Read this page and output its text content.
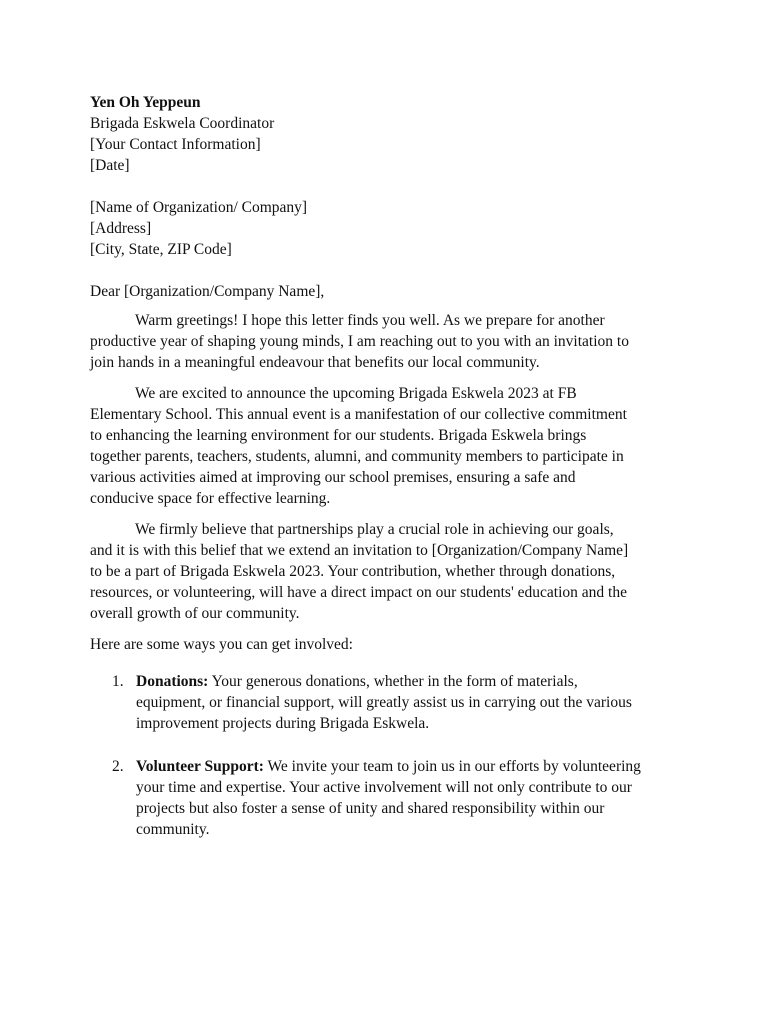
Yen Oh Yeppeun
Brigada Eskwela Coordinator
[Your Contact Information]
[Date]
[Name of Organization/ Company]
[Address]
[City, State, ZIP Code]
Dear [Organization/Company Name],
Warm greetings! I hope this letter finds you well. As we prepare for another
productive year of shaping young minds, I am reaching out to you with an invitation to
join hands in a meaningful endeavour that benefits our local community.
We are excited to announce the upcoming Brigada Eskwela 2023 at FB
Elementary School. This annual event is a manifestation of our collective commitment
to enhancing the learning environment for our students. Brigada Eskwela brings
together parents, teachers, students, alumni, and community members to participate in
various activities aimed at improving our school premises, ensuring a safe and
conducive space for effective learning.
We firmly believe that partnerships play a crucial role in achieving our goals,
and it is with this belief that we extend an invitation to [Organization/Company Name]
to be a part of Brigada Eskwela 2023. Your contribution, whether through donations,
resources, or volunteering, will have a direct impact on our students' education and the
overall growth of our community.
Here are some ways you can get involved:
1. Donations: Your generous donations, whether in the form of materials,
equipment, or financial support, will greatly assist us in carrying out the various
improvement projects during Brigada Eskwela.
2. Volunteer Support: We invite your team to join us in our efforts by volunteering
your time and expertise. Your active involvement will not only contribute to our
projects but also foster a sense of unity and shared responsibility within our
community.
